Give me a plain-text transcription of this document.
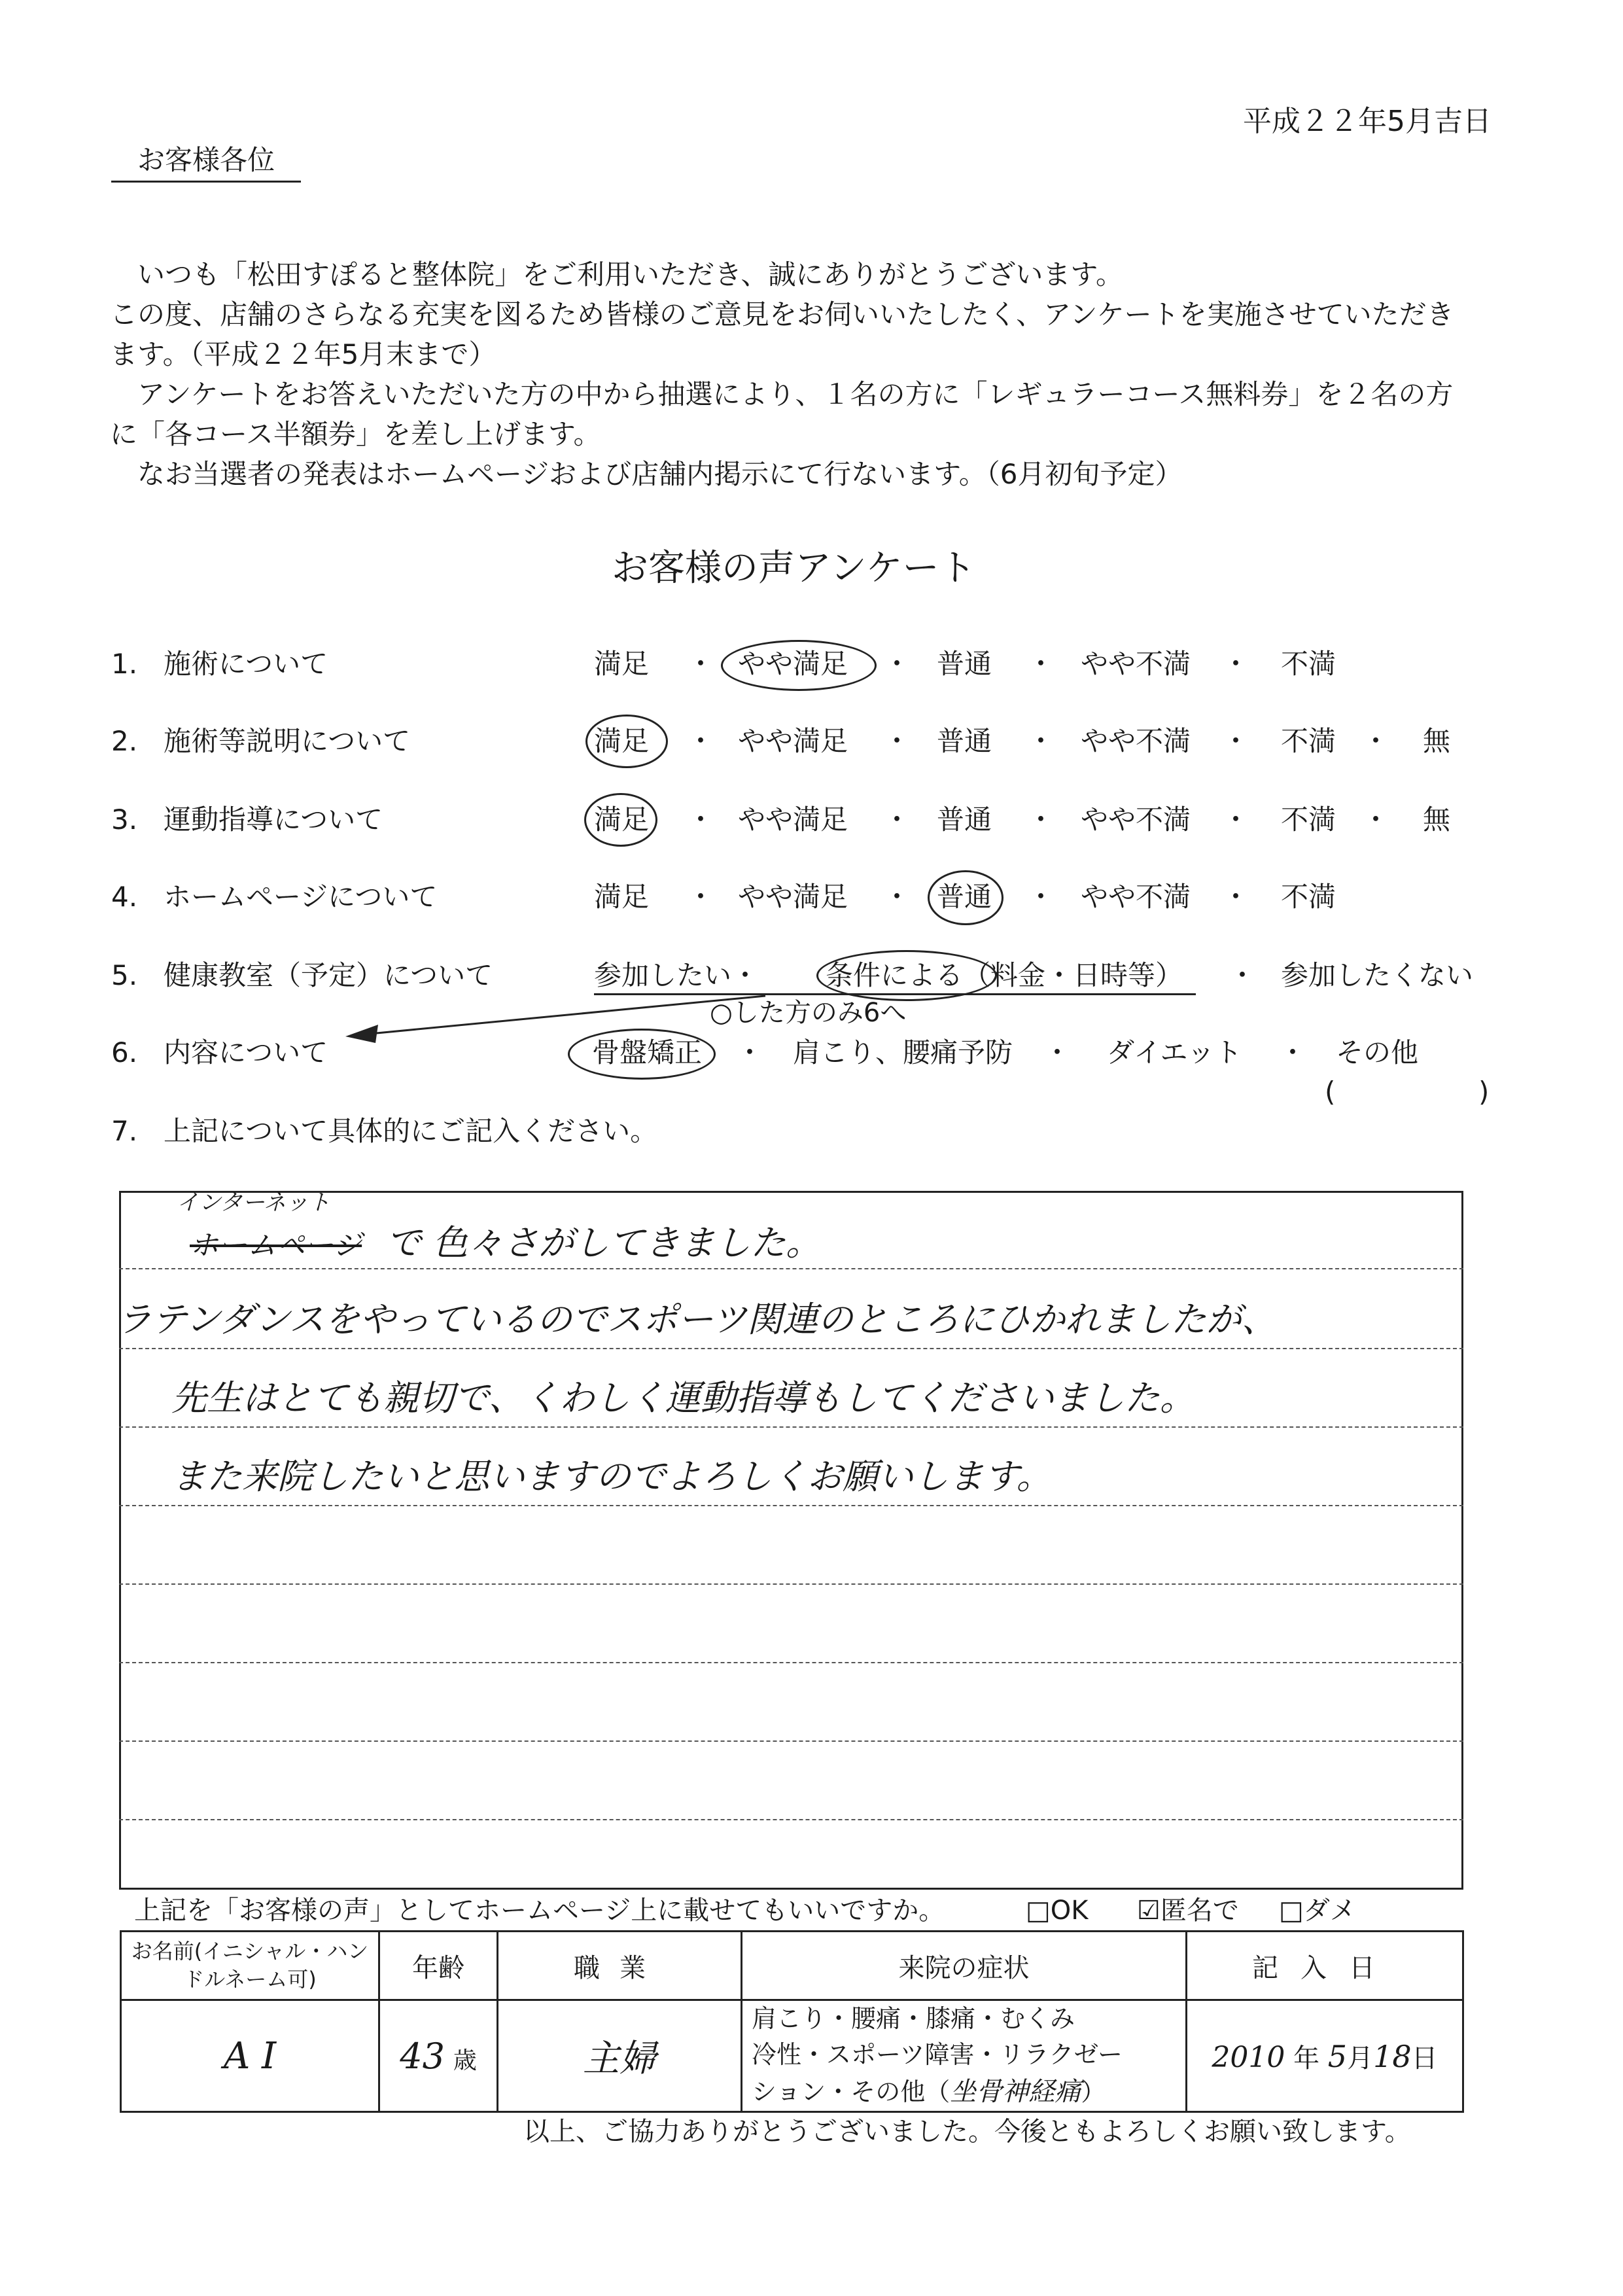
平成２２年5月吉日
お客様各位
いつも「松田すぽると整体院」をご利用いただき、誠にありがとうございます。
この度、店舗のさらなる充実を図るため皆様のご意見をお伺いいたしたく、アンケートを実施させていただき
ます。（平成２２年5月末まで）
アンケートをお答えいただいた方の中から抽選により、１名の方に「レギュラーコース無料券」を２名の方
に「各コース半額券」を差し上げます。
なお当選者の発表はホームページおよび店舗内掲示にて行ないます。（6月初旬予定）
お客様の声アンケート
1. 施術について	満足 ・ やや満足 ・ 普通 ・ やや不満 ・ 不満
2. 施術等説明について	満足 ・ やや満足 ・ 普通 ・ やや不満 ・ 不満 ・ 無
3. 運動指導について	満足 ・ やや満足 ・ 普通 ・ やや不満 ・ 不満 ・ 無
4. ホームページについて	満足 ・ やや満足 ・ 普通 ・ やや不満 ・ 不満
5. 健康教室（予定）について	参加したい ・ 条件による（料金・日時等） ・ 参加したくない
○した方のみ6へ
6. 内容について	骨盤矯正 ・ 肩こり、腰痛予防 ・ ダイエット ・ その他
(	)
7. 上記について具体的にご記入ください。
インターネット
ホームページ で 色々さがしてきました。
ラテンダンスをやっているのでスポーツ関連のところにひかれましたが、
先生はとても親切で、くわしく運動指導もしてくださいました。
また来院したいと思いますのでよろしくお願いします。
上記を「お客様の声」としてホームページ上に載せてもいいですか。	□OK ☑匿名で □ダメ
お名前(イニシャル・ハンドルネーム可)	年齢	職業	来院の症状	記入日
A I	43 歳	主婦	肩こり・腰痛・膝痛・むくみ
冷性・スポーツ障害・リラクゼー
ション・その他（坐骨神経痛）	2010 年 5月18日
以上、ご協力ありがとうございました。今後ともよろしくお願い致します。
